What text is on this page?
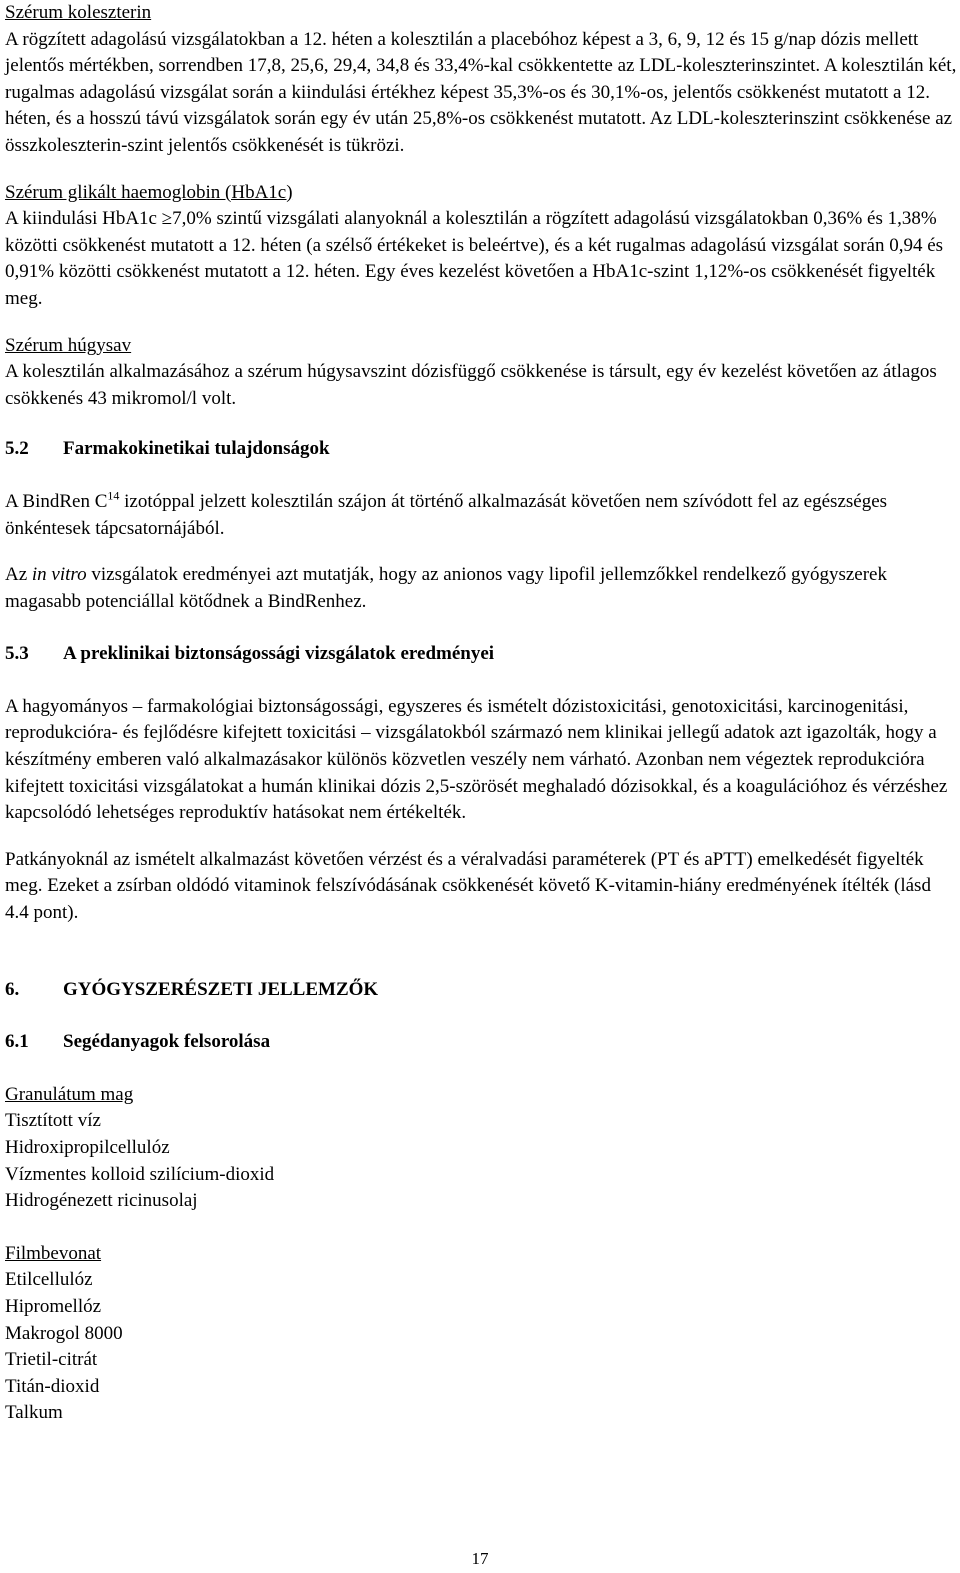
Szérum koleszterin

A rögzített adagolású vizsgálatokban a 12. héten a kolesztilán a placebóhoz képest a 3, 6, 9, 12 és 15 g/nap dózis mellett jelentős mértékben, sorrendben 17,8, 25,6, 29,4, 34,8 és 33,4%-kal csökkentette az LDL-koleszterinszintet. A kolesztilán két, rugalmas adagolású vizsgálat során a kiindulási értékhez képest 35,3%-os és 30,1%-os, jelentős csökkenést mutatott a 12. héten, és a hosszú távú vizsgálatok során egy év után 25,8%-os csökkenést mutatott. Az LDL-koleszterinszint csökkenése az összkoleszterin-szint jelentős csökkenését is tükrözi.

Szérum glikált haemoglobin (HbA1c)

A kiindulási HbA1c ≥7,0% szintű vizsgálati alanyoknál a kolesztilán a rögzített adagolású vizsgálatokban 0,36% és 1,38% közötti csökkenést mutatott a 12. héten (a szélső értékeket is beleértve), és a két rugalmas adagolású vizsgálat során 0,94 és 0,91% közötti csökkenést mutatott a 12. héten. Egy éves kezelést követően a HbA1c-szint 1,12%-os csökkenését figyelték meg.

Szérum húgysav

A kolesztilán alkalmazásához a szérum húgysavszint dózisfüggő csökkenése is társult, egy év kezelést követően az átlagos csökkenés 43 mikromol/l volt.

5.2	Farmakokinetikai tulajdonságok

A BindRen $C^{14}$ izotóppal jelzett kolesztilán szájon át történő alkalmazását követően nem szívódott fel az egészséges önkéntesek tápcsatornájából.

Az in vitro vizsgálatok eredményei azt mutatják, hogy az anionos vagy lipofil jellemzőkkel rendelkező gyógyszerek magasabb potenciállal kötődnek a BindRenhez.

5.3	A preklinikai biztonságossági vizsgálatok eredményei

A hagyományos – farmakológiai biztonságossági, egyszeres és ismételt dózistoxicitási, genotoxicitási, karcinogenitási, reprodukcióra- és fejlődésre kifejtett toxicitási – vizsgálatokból származó nem klinikai jellegű adatok azt igazolták, hogy a készítmény emberen való alkalmazásakor különös közvetlen veszély nem várható. Azonban nem végeztek reprodukcióra kifejtett toxicitási vizsgálatokat a humán klinikai dózis 2,5-szörösét meghaladó dózisokkal, és a koagulációhoz és vérzéshez kapcsolódó lehetséges reproduktív hatásokat nem értékelték.

Patkányoknál az ismételt alkalmazást követően vérzést és a véralvadási paraméterek (PT és aPTT) emelkedését figyelték meg. Ezeket a zsírban oldódó vitaminok felszívódásának csökkenését követő K-vitamin-hiány eredményének ítélték (lásd 4.4 pont).

6.	GYÓGYSZERÉSZETI JELLEMZŐK
6.1	Segédanyagok felsorolása

Granulátum mag

Tisztított víz
Hidroxipropilcellulóz
Vízmentes kolloid szilícium-dioxid
Hidrogénezett ricinusolaj

Filmbevonat

Etilcellulóz
Hipromellóz
Makrogol 8000
Trietil-citrát
Titán-dioxid
Talkum
17
